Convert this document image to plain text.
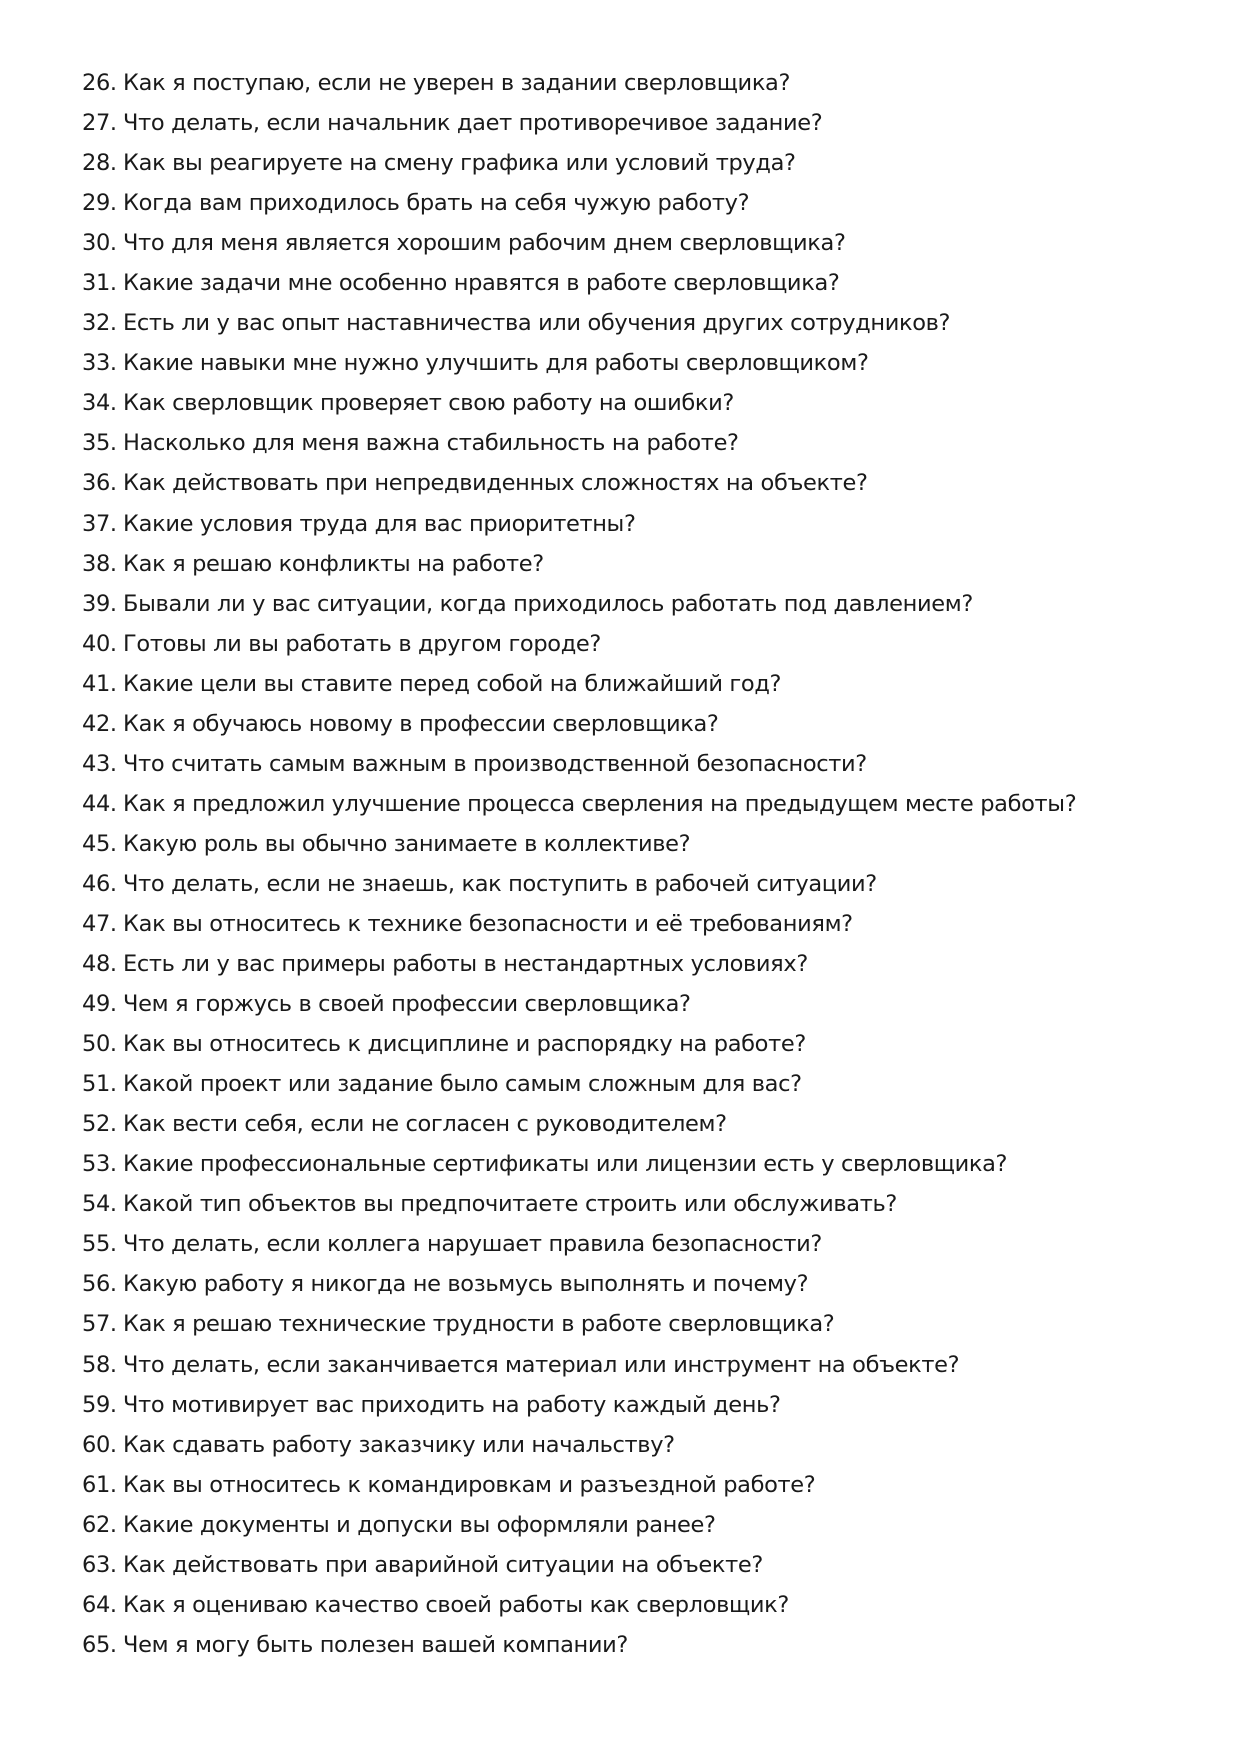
26. Как я поступаю, если не уверен в задании сверловщика?
27. Что делать, если начальник дает противоречивое задание?
28. Как вы реагируете на смену графика или условий труда?
29. Когда вам приходилось брать на себя чужую работу?
30. Что для меня является хорошим рабочим днем сверловщика?
31. Какие задачи мне особенно нравятся в работе сверловщика?
32. Есть ли у вас опыт наставничества или обучения других сотрудников?
33. Какие навыки мне нужно улучшить для работы сверловщиком?
34. Как сверловщик проверяет свою работу на ошибки?
35. Насколько для меня важна стабильность на работе?
36. Как действовать при непредвиденных сложностях на объекте?
37. Какие условия труда для вас приоритетны?
38. Как я решаю конфликты на работе?
39. Бывали ли у вас ситуации, когда приходилось работать под давлением?
40. Готовы ли вы работать в другом городе?
41. Какие цели вы ставите перед собой на ближайший год?
42. Как я обучаюсь новому в профессии сверловщика?
43. Что считать самым важным в производственной безопасности?
44. Как я предложил улучшение процесса сверления на предыдущем месте работы?
45. Какую роль вы обычно занимаете в коллективе?
46. Что делать, если не знаешь, как поступить в рабочей ситуации?
47. Как вы относитесь к технике безопасности и её требованиям?
48. Есть ли у вас примеры работы в нестандартных условиях?
49. Чем я горжусь в своей профессии сверловщика?
50. Как вы относитесь к дисциплине и распорядку на работе?
51. Какой проект или задание было самым сложным для вас?
52. Как вести себя, если не согласен с руководителем?
53. Какие профессиональные сертификаты или лицензии есть у сверловщика?
54. Какой тип объектов вы предпочитаете строить или обслуживать?
55. Что делать, если коллега нарушает правила безопасности?
56. Какую работу я никогда не возьмусь выполнять и почему?
57. Как я решаю технические трудности в работе сверловщика?
58. Что делать, если заканчивается материал или инструмент на объекте?
59. Что мотивирует вас приходить на работу каждый день?
60. Как сдавать работу заказчику или начальству?
61. Как вы относитесь к командировкам и разъездной работе?
62. Какие документы и допуски вы оформляли ранее?
63. Как действовать при аварийной ситуации на объекте?
64. Как я оцениваю качество своей работы как сверловщик?
65. Чем я могу быть полезен вашей компании?
